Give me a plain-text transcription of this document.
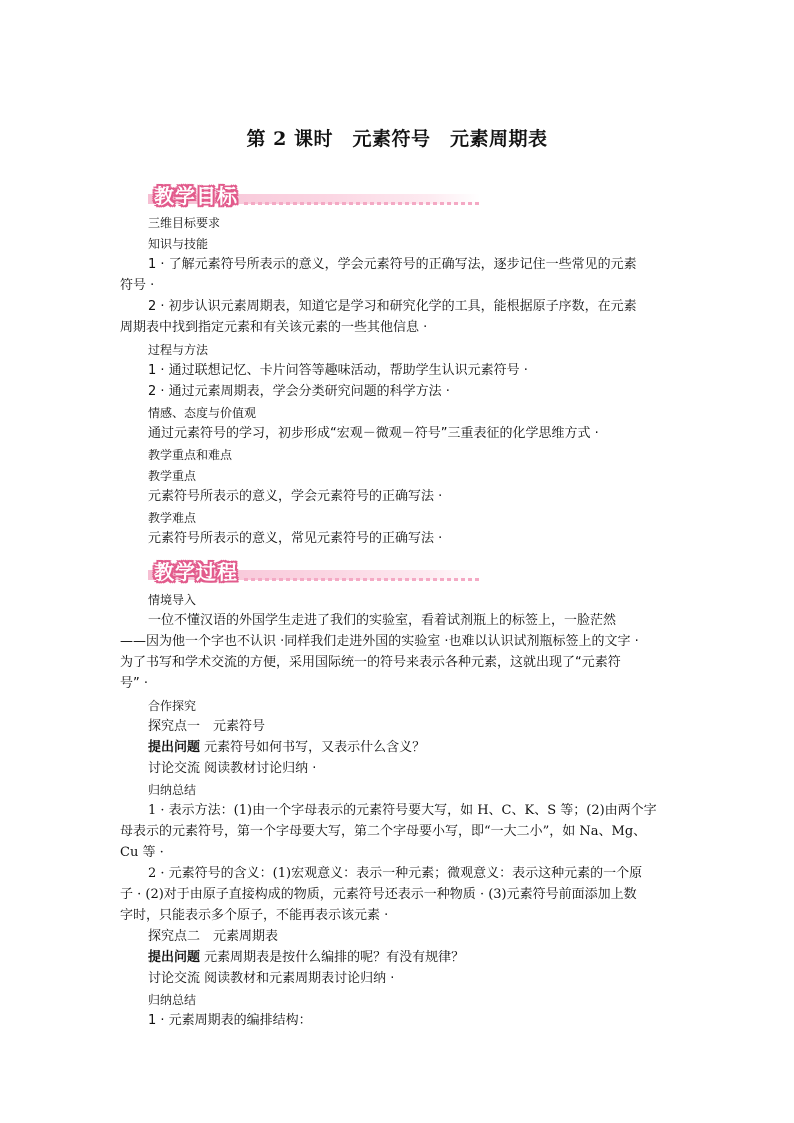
第 2 课时　元素符号　元素周期表
教学目标
三维目标要求
知识与技能
1 · 了解元素符号所表示的意义，学会元素符号的正确写法，逐步记住一些常见的元素
符号 ·
2 · 初步认识元素周期表，知道它是学习和研究化学的工具，能根据原子序数，在元素
周期表中找到指定元素和有关该元素的一些其他信息 ·
过程与方法
1 · 通过联想记忆、卡片问答等趣味活动，帮助学生认识元素符号 ·
2 · 通过元素周期表，学会分类研究问题的科学方法 ·
情感、态度与价值观
通过元素符号的学习，初步形成“宏观－微观－符号”三重表征的化学思维方式 ·
教学重点和难点
教学重点
元素符号所表示的意义，学会元素符号的正确写法 ·
教学难点
元素符号所表示的意义，常见元素符号的正确写法 ·
教学过程
情境导入
一位不懂汉语的外国学生走进了我们的实验室，看着试剂瓶上的标签上，一脸茫然
——因为他一个字也不认识 ·同样我们走进外国的实验室 ·也难以认识试剂瓶标签上的文字 ·
为了书写和学术交流的方便，采用国际统一的符号来表示各种元素，这就出现了“元素符
号” ·
合作探究
探究点一　元素符号
提出问题 元素符号如何书写，又表示什么含义？
讨论交流 阅读教材讨论归纳 ·
归纳总结
1 · 表示方法：(1)由一个字母表示的元素符号要大写，如 H、C、K、S 等；(2)由两个字
母表示的元素符号，第一个字母要大写，第二个字母要小写，即“一大二小”，如 Na、Mg、
Cu 等 ·
2 · 元素符号的含义：(1)宏观意义：表示一种元素；微观意义：表示这种元素的一个原
子 · (2)对于由原子直接构成的物质，元素符号还表示一种物质 · (3)元素符号前面添加上数
字时，只能表示多个原子，不能再表示该元素 ·
探究点二　元素周期表
提出问题 元素周期表是按什么编排的呢？有没有规律？
讨论交流 阅读教材和元素周期表讨论归纳 ·
归纳总结
1 · 元素周期表的编排结构：
